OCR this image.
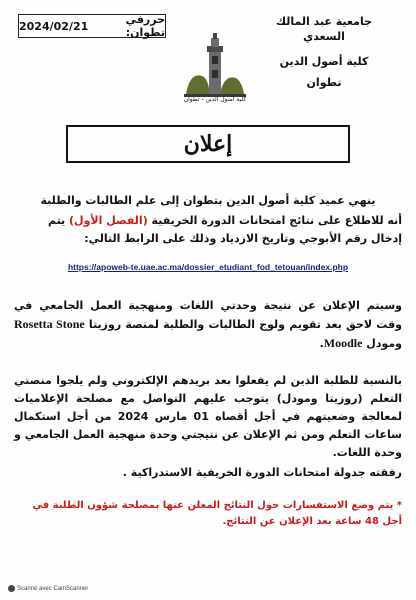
حررفي تطوان:
2024/02/21	جامعية عبد المالك السعدي
كلية أصول الدين
تطوان
كلية أصول الدين - تطوان
إعلان
ينهي عميد كلية أصول الدين بتطوان إلى علم الطالبات والطلبة
أنه للاطلاع على نتائج امتحانات الدورة الخريفية (الفصل الأول) يتم إدخال رقم الأبوجي وتاريخ الازدياد وذلك على الرابط التالي:
https://apoweb-te.uae.ac.ma/dossier_etudiant_fod_tetouan/index.php
وسيتم الإعلان عن نتيجة وحدتي اللغات ومنهجية العمل الجامعي في وقت لاحق بعد تقويم ولوج الطالبات والطلبة لمنصة روزيتا Rosetta Stone ومودل Moodle.
بالنسبة للطلبة الذين لم يفعلوا بعد بريدهم الإلكتروني ولم يلجوا منصتي التعلم (روزيتا ومودل) يتوجب عليهم التواصل مع مصلحة الإعلاميات لمعالجة وضعيتهم في أجل أقصاه 01 مارس 2024 من أجل استكمال ساعات التعلم ومن ثم الإعلان عن نتيجتي وحدة منهجية العمل الجامعي و وحدة اللغات.
رفقته جدولة امتحانات الدورة الخريفية الاستدراكية .
* يتم وضع الاستفسارات حول النتائج المعلن عنها بمصلحة شؤون الطلبة في أجل 48 ساعة بعد الإعلان عن النتائج.
Scanné avec CamScanner
